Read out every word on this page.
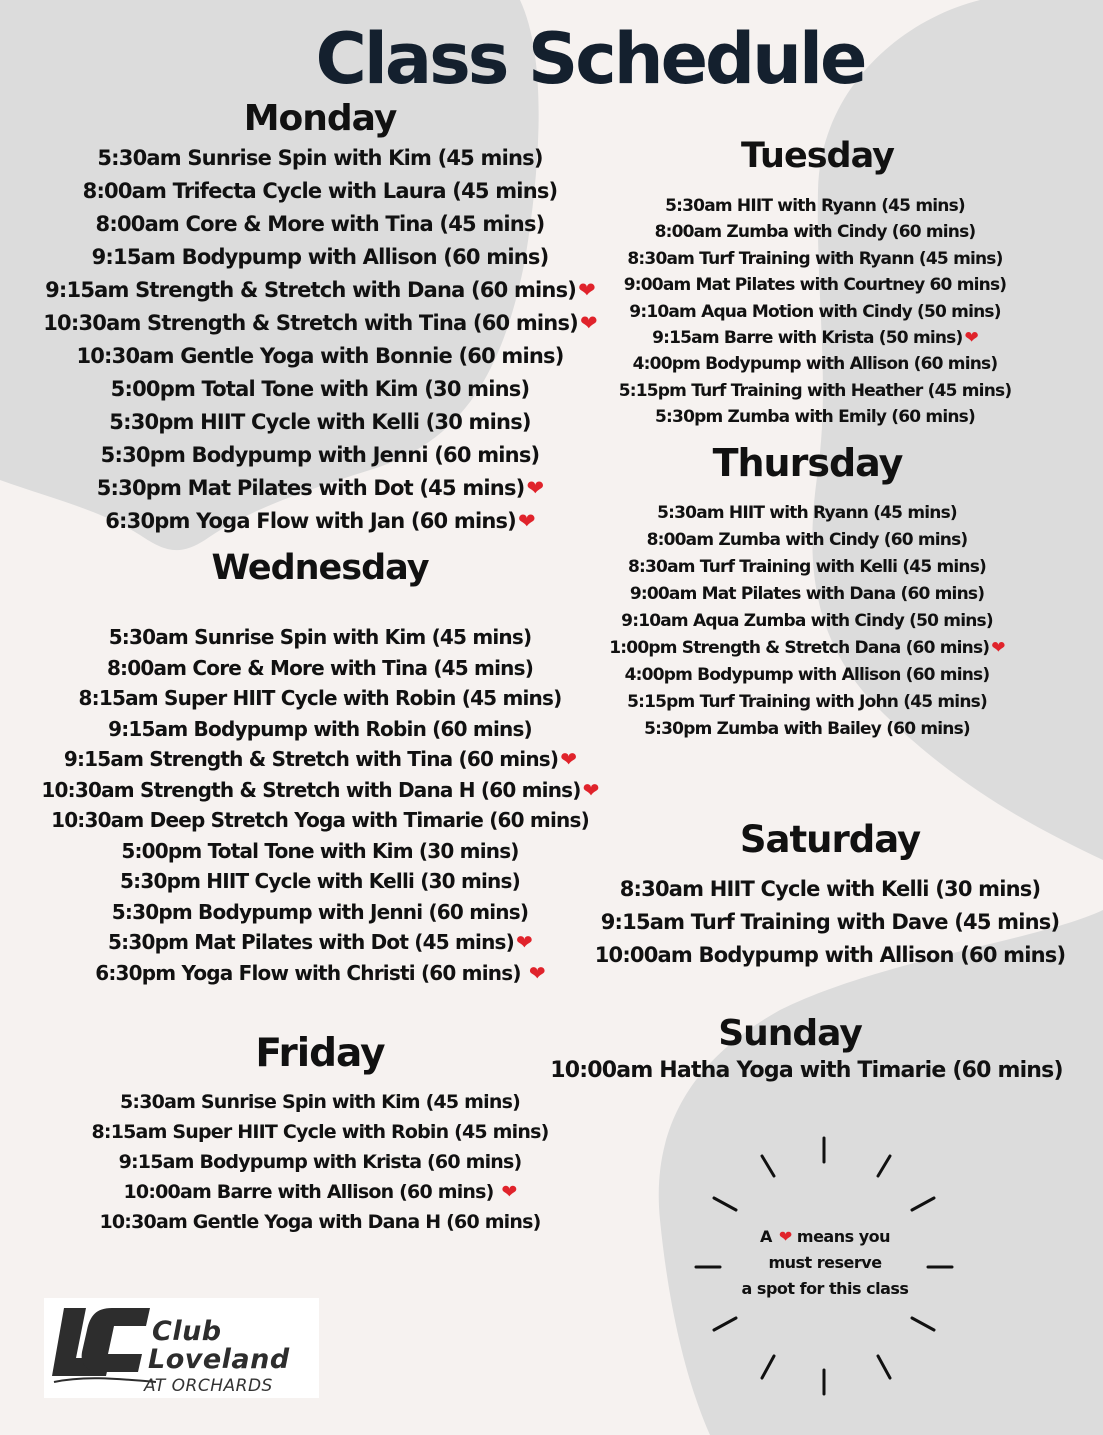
Class Schedule
Monday
5:30am Sunrise Spin with Kim (45 mins)
8:00am Trifecta Cycle with Laura (45 mins)
8:00am Core & More with Tina (45 mins)
9:15am Bodypump with Allison (60 mins)
9:15am Strength & Stretch with Dana (60 mins)❤
10:30am Strength & Stretch with Tina (60 mins)❤
10:30am Gentle Yoga with Bonnie (60 mins)
5:00pm Total Tone with Kim (30 mins)
5:30pm HIIT Cycle with Kelli (30 mins)
5:30pm Bodypump with Jenni (60 mins)
5:30pm Mat Pilates with Dot (45 mins)❤
6:30pm Yoga Flow with Jan (60 mins)❤
Tuesday
5:30am HIIT with Ryann (45 mins)
8:00am Zumba with Cindy (60 mins)
8:30am Turf Training with Ryann (45 mins)
9:00am Mat Pilates with Courtney 60 mins)
9:10am Aqua Motion with Cindy (50 mins)
9:15am Barre with Krista (50 mins) ❤
4:00pm Bodypump with Allison (60 mins)
5:15pm Turf Training with Heather (45 mins)
5:30pm Zumba with Emily (60 mins)
Wednesday
5:30am Sunrise Spin with Kim (45 mins)
8:00am Core & More with Tina (45 mins)
8:15am Super HIIT Cycle with Robin (45 mins)
9:15am Bodypump with Robin (60 mins)
9:15am Strength & Stretch with Tina (60 mins) ❤
10:30am Strength & Stretch with Dana H (60 mins) ❤
10:30am Deep Stretch Yoga with Timarie (60 mins)
5:00pm Total Tone with Kim (30 mins)
5:30pm HIIT Cycle with Kelli (30 mins)
5:30pm Bodypump with Jenni (60 mins)
5:30pm Mat Pilates with Dot (45 mins) ❤
6:30pm Yoga Flow with Christi (60 mins) ❤
Thursday
5:30am HIIT with Ryann (45 mins)
8:00am Zumba with Cindy (60 mins)
8:30am Turf Training with Kelli (45 mins)
9:00am Mat Pilates with Dana (60 mins)
9:10am Aqua Zumba with Cindy (50 mins)
1:00pm Strength & Stretch Dana (60 mins) ❤
4:00pm Bodypump with Allison (60 mins)
5:15pm Turf Training with John (45 mins)
5:30pm Zumba with Bailey (60 mins)
Friday
5:30am Sunrise Spin with Kim (45 mins)
8:15am Super HIIT Cycle with Robin (45 mins)
9:15am Bodypump with Krista (60 mins)
10:00am Barre with Allison (60 mins) ❤
10:30am Gentle Yoga with Dana H (60 mins)
Saturday
8:30am HIIT Cycle with Kelli (30 mins)
9:15am Turf Training with Dave (45 mins)
10:00am Bodypump with Allison (60 mins)
Sunday
10:00am Hatha Yoga with Timarie (60 mins)
A ❤ means you
must reserve
a spot for this class
Club
Loveland
AT ORCHARDS
